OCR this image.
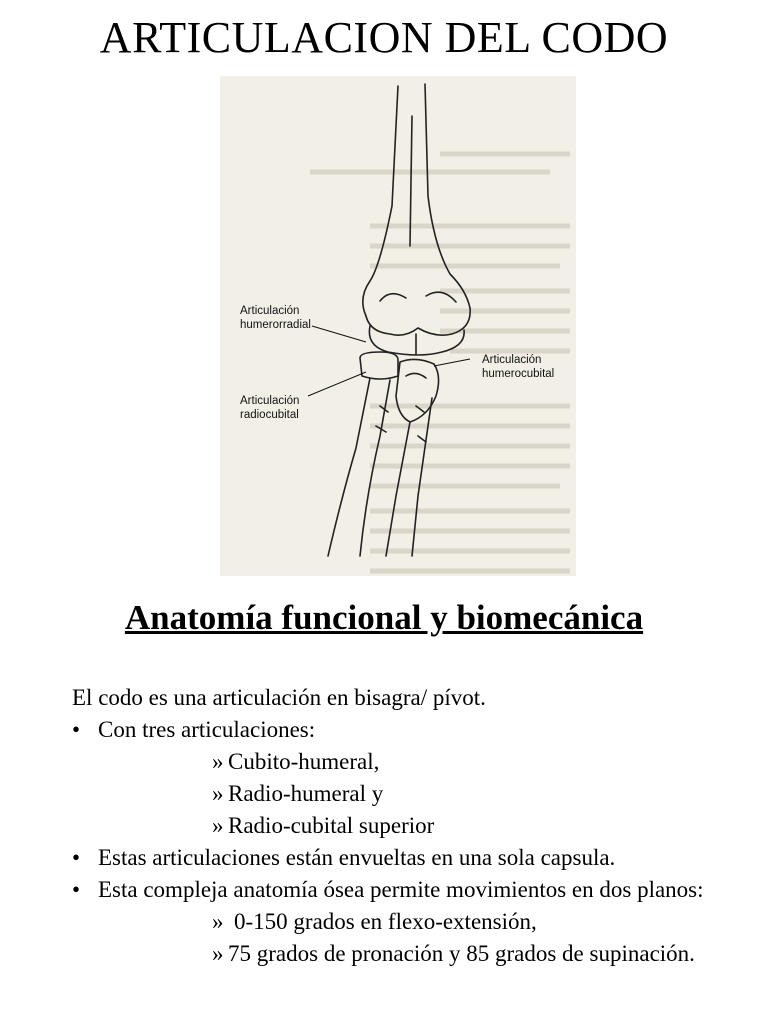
ARTICULACION DEL CODO
Articulación
humerorradial
Articulación
humerocubital
Articulación
radiocubital
Anatomía funcional y biomecánica
El codo es una articulación en bisagra/ pívot.
• Con tres articulaciones:
» Cubito-humeral,
» Radio-humeral y
» Radio-cubital superior
• Estas articulaciones están envueltas en una sola capsula.
• Esta compleja anatomía ósea permite movimientos en dos planos:
» 0-150 grados en flexo-extensión,
» 75 grados de pronación y 85 grados de supinación.
